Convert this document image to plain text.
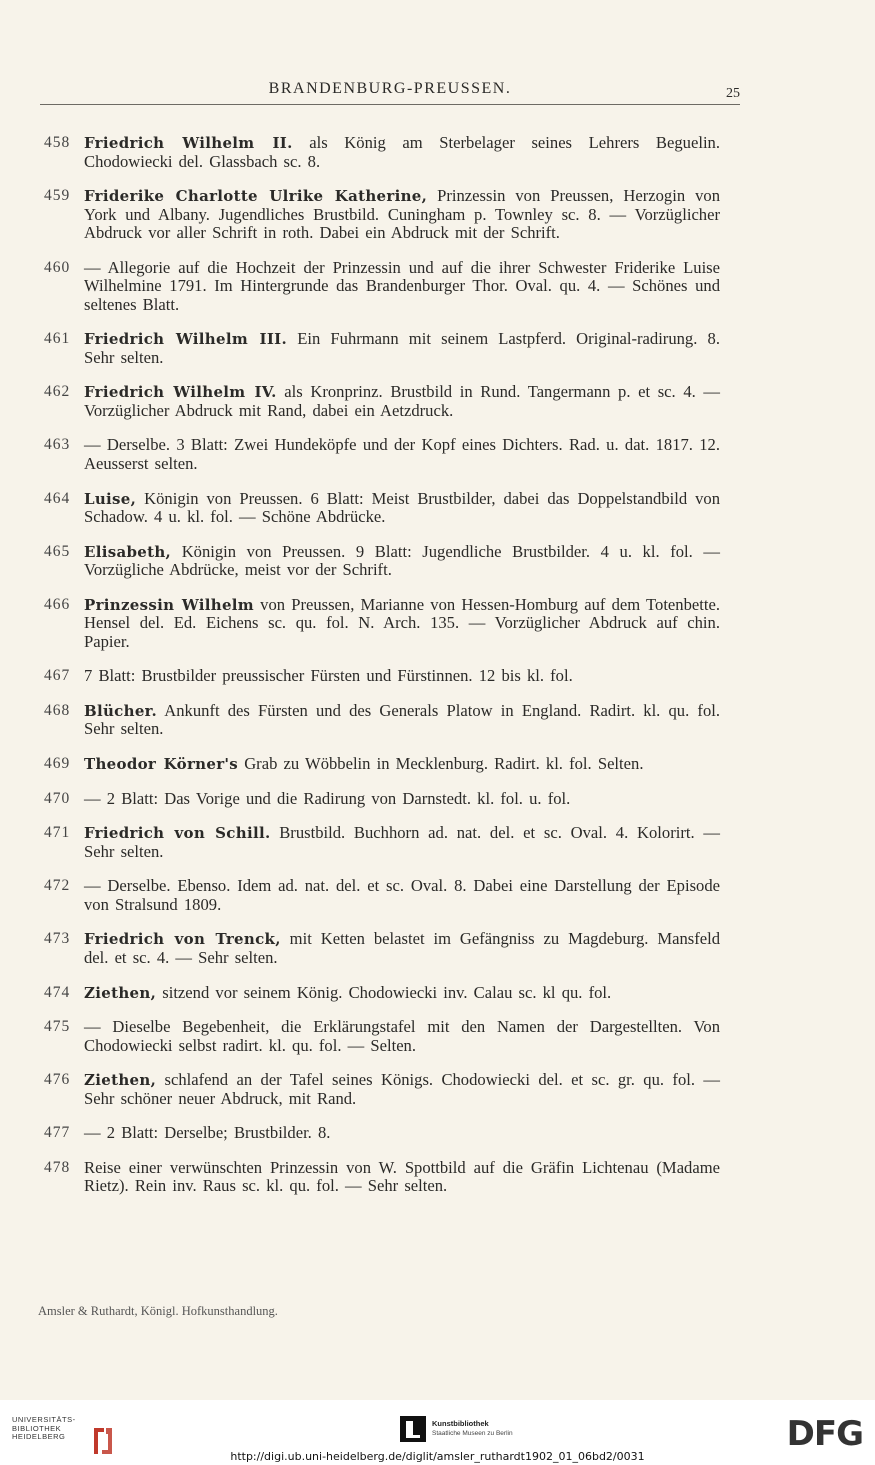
BRANDENBURG-PREUSSEN.	25
458 Friedrich Wilhelm II. als König am Sterbelager seines Lehrers Beguelin. Chodowiecki del. Glassbach sc. 8.
459 Friderike Charlotte Ulrike Katherine, Prinzessin von Preussen, Herzogin von York und Albany. Jugendliches Brustbild. Cuningham p. Townley sc. 8. — Vorzüglicher Abdruck vor aller Schrift in roth. Dabei ein Abdruck mit der Schrift.
460 — Allegorie auf die Hochzeit der Prinzessin und auf die ihrer Schwester Friderike Luise Wilhelmine 1791. Im Hintergrunde das Brandenburger Thor. Oval. qu. 4. — Schönes und seltenes Blatt.
461 Friedrich Wilhelm III. Ein Fuhrmann mit seinem Lastpferd. Original-radirung. 8. Sehr selten.
462 Friedrich Wilhelm IV. als Kronprinz. Brustbild in Rund. Tangermann p. et sc. 4. — Vorzüglicher Abdruck mit Rand, dabei ein Aetzdruck.
463 — Derselbe. 3 Blatt: Zwei Hundeköpfe und der Kopf eines Dichters. Rad. u. dat. 1817. 12. Aeusserst selten.
464 Luise, Königin von Preussen. 6 Blatt: Meist Brustbilder, dabei das Doppelstandbild von Schadow. 4 u. kl. fol. — Schöne Abdrücke.
465 Elisabeth, Königin von Preussen. 9 Blatt: Jugendliche Brustbilder. 4 u. kl. fol. — Vorzügliche Abdrücke, meist vor der Schrift.
466 Prinzessin Wilhelm von Preussen, Marianne von Hessen-Homburg auf dem Totenbette. Hensel del. Ed. Eichens sc. qu. fol. N. Arch. 135. — Vorzüglicher Abdruck auf chin. Papier.
467 7 Blatt: Brustbilder preussischer Fürsten und Fürstinnen. 12 bis kl. fol.
468 Blücher. Ankunft des Fürsten und des Generals Platow in England. Radirt. kl. qu. fol. Sehr selten.
469 Theodor Körner's Grab zu Wöbbelin in Mecklenburg. Radirt. kl. fol. Selten.
470 — 2 Blatt: Das Vorige und die Radirung von Darnstedt. kl. fol. u. fol.
471 Friedrich von Schill. Brustbild. Buchhorn ad. nat. del. et sc. Oval. 4. Kolorirt. — Sehr selten.
472 — Derselbe. Ebenso. Idem ad. nat. del. et sc. Oval. 8. Dabei eine Darstellung der Episode von Stralsund 1809.
473 Friedrich von Trenck, mit Ketten belastet im Gefängniss zu Magdeburg. Mansfeld del. et sc. 4. — Sehr selten.
474 Ziethen, sitzend vor seinem König. Chodowiecki inv. Calau sc. kl qu. fol.
475 — Dieselbe Begebenheit, die Erklärungstafel mit den Namen der Dargestellten. Von Chodowiecki selbst radirt. kl. qu. fol. — Selten.
476 Ziethen, schlafend an der Tafel seines Königs. Chodowiecki del. et sc. gr. qu. fol. — Sehr schöner neuer Abdruck, mit Rand.
477 — 2 Blatt: Derselbe; Brustbilder. 8.
478 Reise einer verwünschten Prinzessin von W. Spottbild auf die Gräfin Lichtenau (Madame Rietz). Rein inv. Raus sc. kl. qu. fol. — Sehr selten.
Amsler & Ruthardt, Königl. Hofkunsthandlung.
UNIVERSITÄTS-
BIBLIOTHEK
HEIDELBERG
Kunstbibliothek
Staatliche Museen zu Berlin	DFG
http://digi.ub.uni-heidelberg.de/diglit/amsler_ruthardt1902_01_06bd2/0031
